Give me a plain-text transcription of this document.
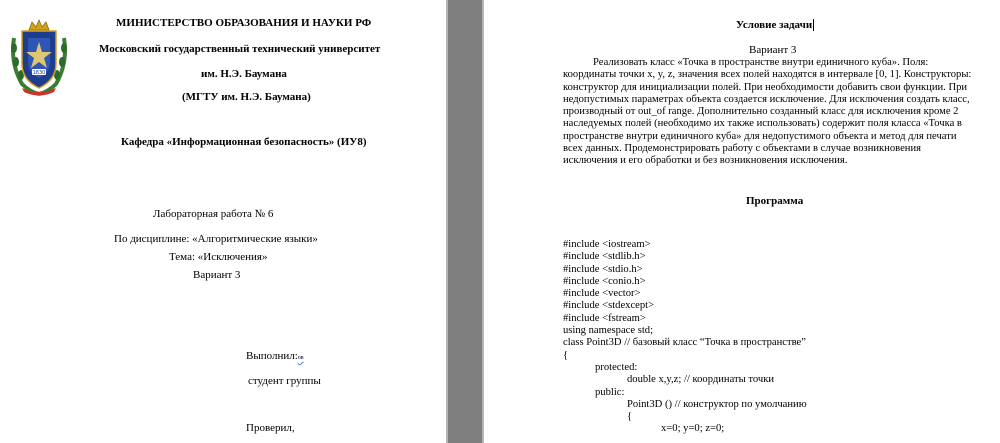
1830
МИНИСТЕРСТВО ОБРАЗОВАНИЯ И НАУКИ РФ
Московский государственный технический университет
им. Н.Э. Баумана
(МГТУ им. Н.Э. Баумана)
Кафедра «Информационная безопасность» (ИУ8)
Лабораторная работа № 6
По дисциплине: «Алгоритмические языки»
Тема: «Исключения»
Вариант 3
Выполнил:ов
студент группы
Проверил,
Условие задачи
Вариант 3
Реализовать класс «Точка в пространстве внутри единичного куба». Поля:
координаты точки x, y, z, значения всех полей находятся в интервале [0, 1]. Конструкторы:
конструктор для инициализации полей. При необходимости добавить свои функции. При
недопустимых параметрах объекта создается исключение. Для исключения создать класс,
производный от out_of range. Дополнительно созданный класс для исключения кроме 2
наследуемых полей (необходимо их также использовать) содержит поля класса «Точка в
пространстве внутри единичного куба» для недопустимого объекта и метод для печати
всех данных. Продемонстрировать работу с объектами в случае возникновения
исключения и его обработки и без возникновения исключения.
Программа
#include <iostream>
#include <stdlib.h>
#include <stdio.h>
#include <conio.h>
#include <vector>
#include <stdexcept>
#include <fstream>
using namespace std;
class Point3D // базовый класс “Точка в пространстве”
{
protected:
double x,y,z; // координаты точки
public:
Point3D () // конструктор по умолчанию
{
x=0; y=0; z=0;
